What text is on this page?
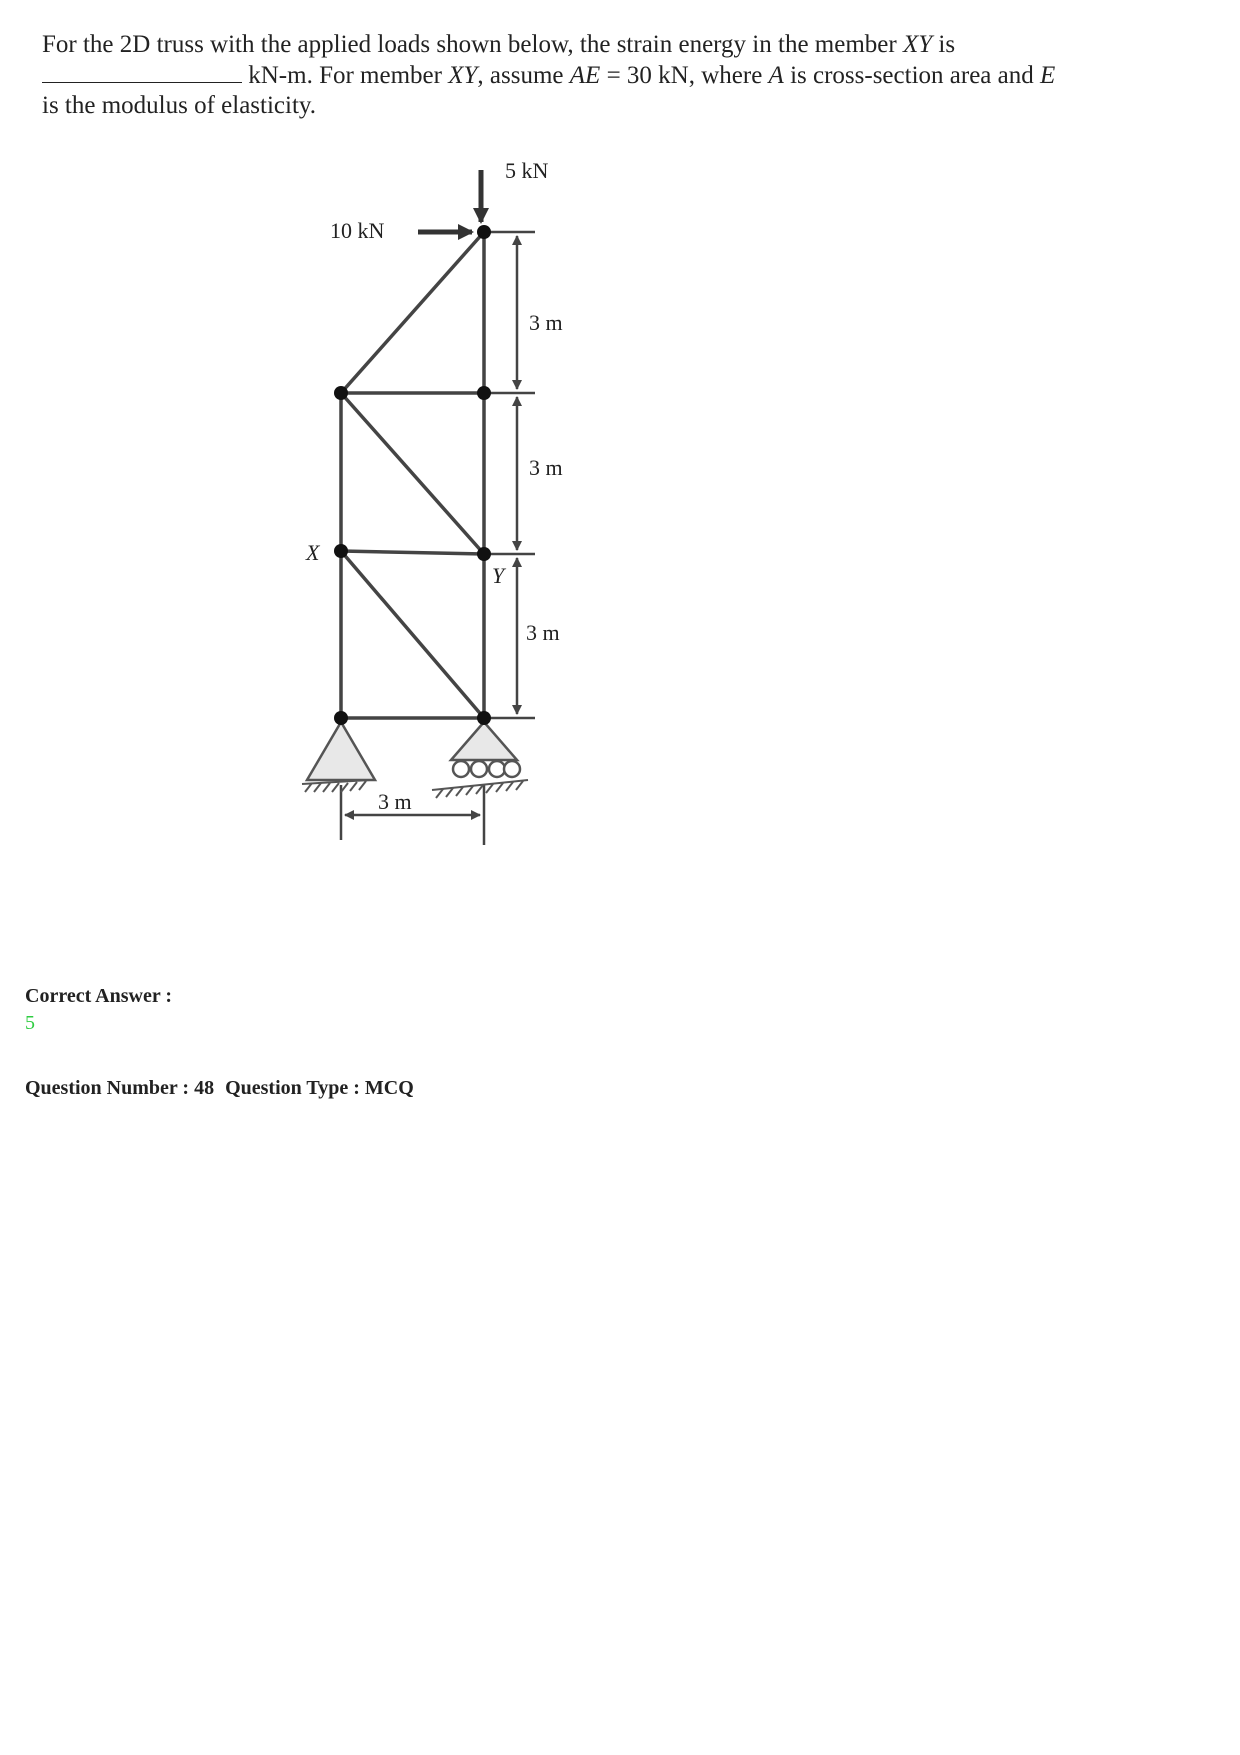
For the 2D truss with the applied loads shown below, the strain energy in the member XY is
kN-m. For member XY, assume AE = 30 kN, where A is cross-section area and E
is the modulus of elasticity.
5 kN
10 kN
3 m
3 m
3 m
3 m
X
Y
Correct Answer :
5
Question Number : 48 Question Type : MCQ
